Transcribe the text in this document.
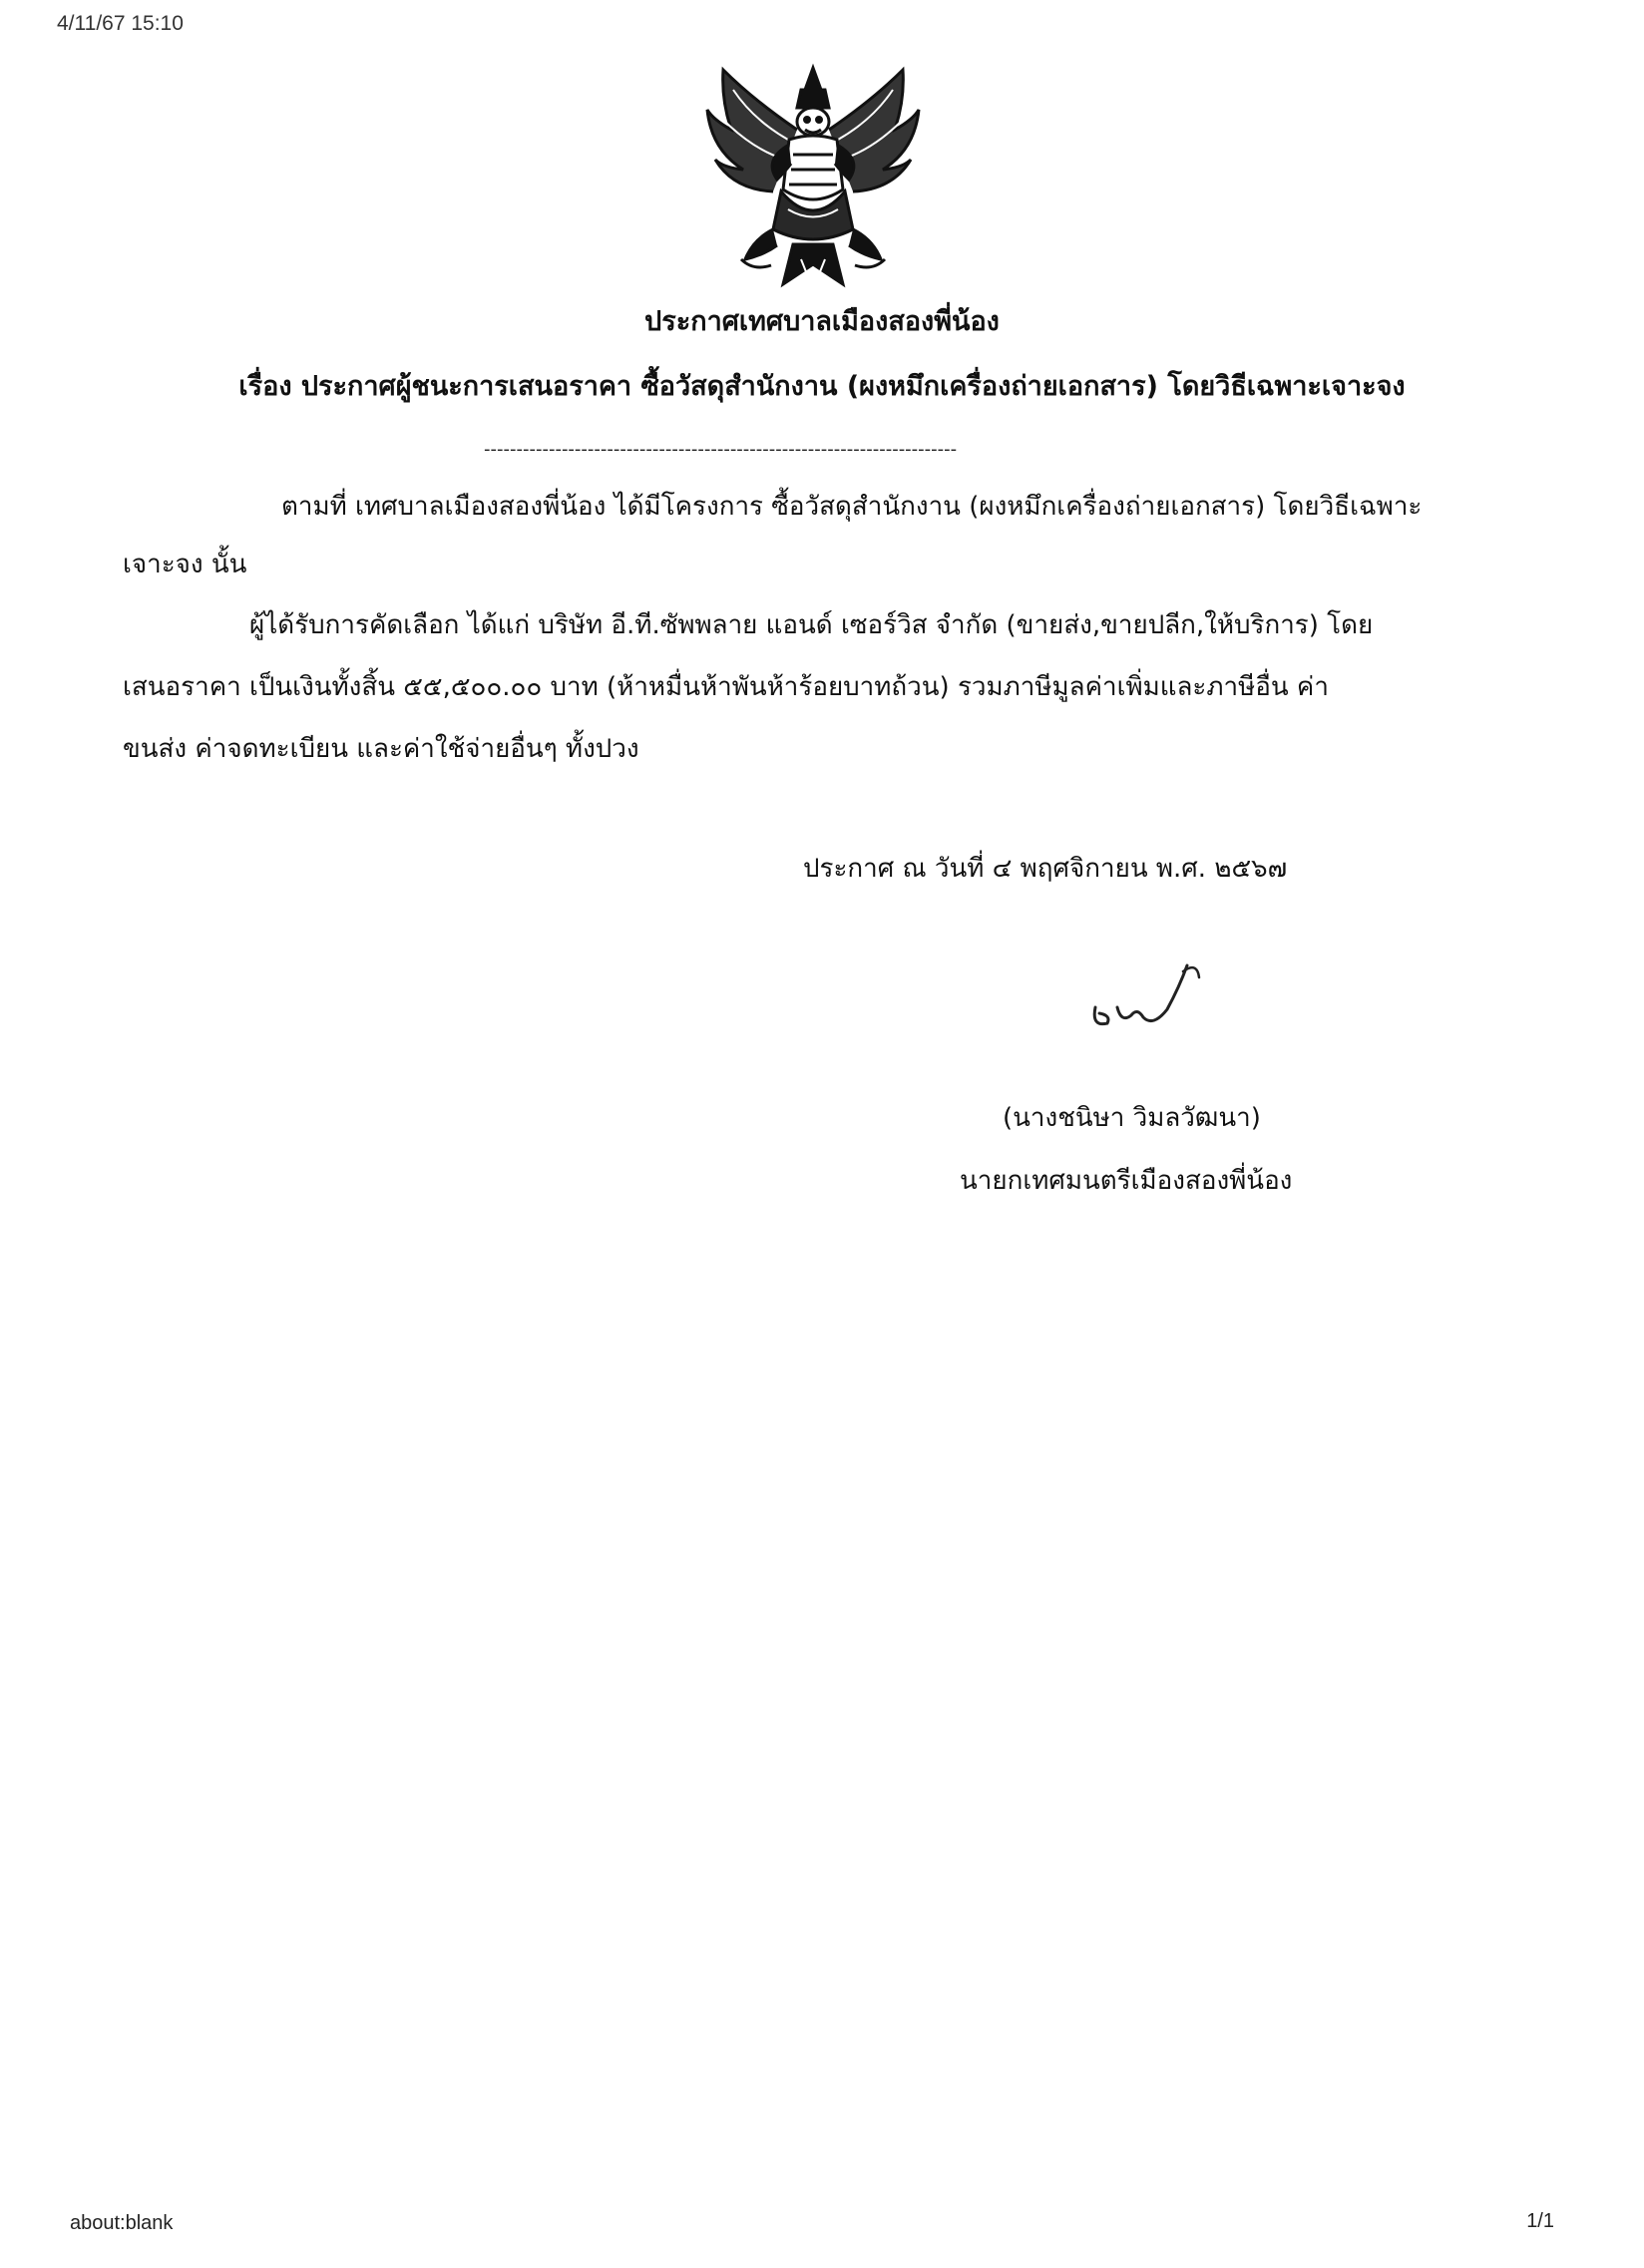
4/11/67 15:10
ประกาศเทศบาลเมืองสองพี่น้อง
เรื่อง ประกาศผู้ชนะการเสนอราคา ซื้อวัสดุสำนักงาน (ผงหมึกเครื่องถ่ายเอกสาร) โดยวิธีเฉพาะเจาะจง
-------------------------------------------------------------------------
ตามที่ เทศบาลเมืองสองพี่น้อง ได้มีโครงการ ซื้อวัสดุสำนักงาน (ผงหมึกเครื่องถ่ายเอกสาร) โดยวิธีเฉพาะ
เจาะจง นั้น
ผู้ได้รับการคัดเลือก ได้แก่ บริษัท อี.ที.ซัพพลาย แอนด์ เซอร์วิส จำกัด (ขายส่ง,ขายปลีก,ให้บริการ) โดย
เสนอราคา เป็นเงินทั้งสิ้น ๕๕,๕๐๐.๐๐ บาท (ห้าหมื่นห้าพันห้าร้อยบาทถ้วน) รวมภาษีมูลค่าเพิ่มและภาษีอื่น ค่า
ขนส่ง ค่าจดทะเบียน และค่าใช้จ่ายอื่นๆ ทั้งปวง
ประกาศ ณ วันที่ ๔ พฤศจิกายน พ.ศ. ๒๕๖๗
(นางชนิษา วิมลวัฒนา)
นายกเทศมนตรีเมืองสองพี่น้อง
about:blank	1/1
